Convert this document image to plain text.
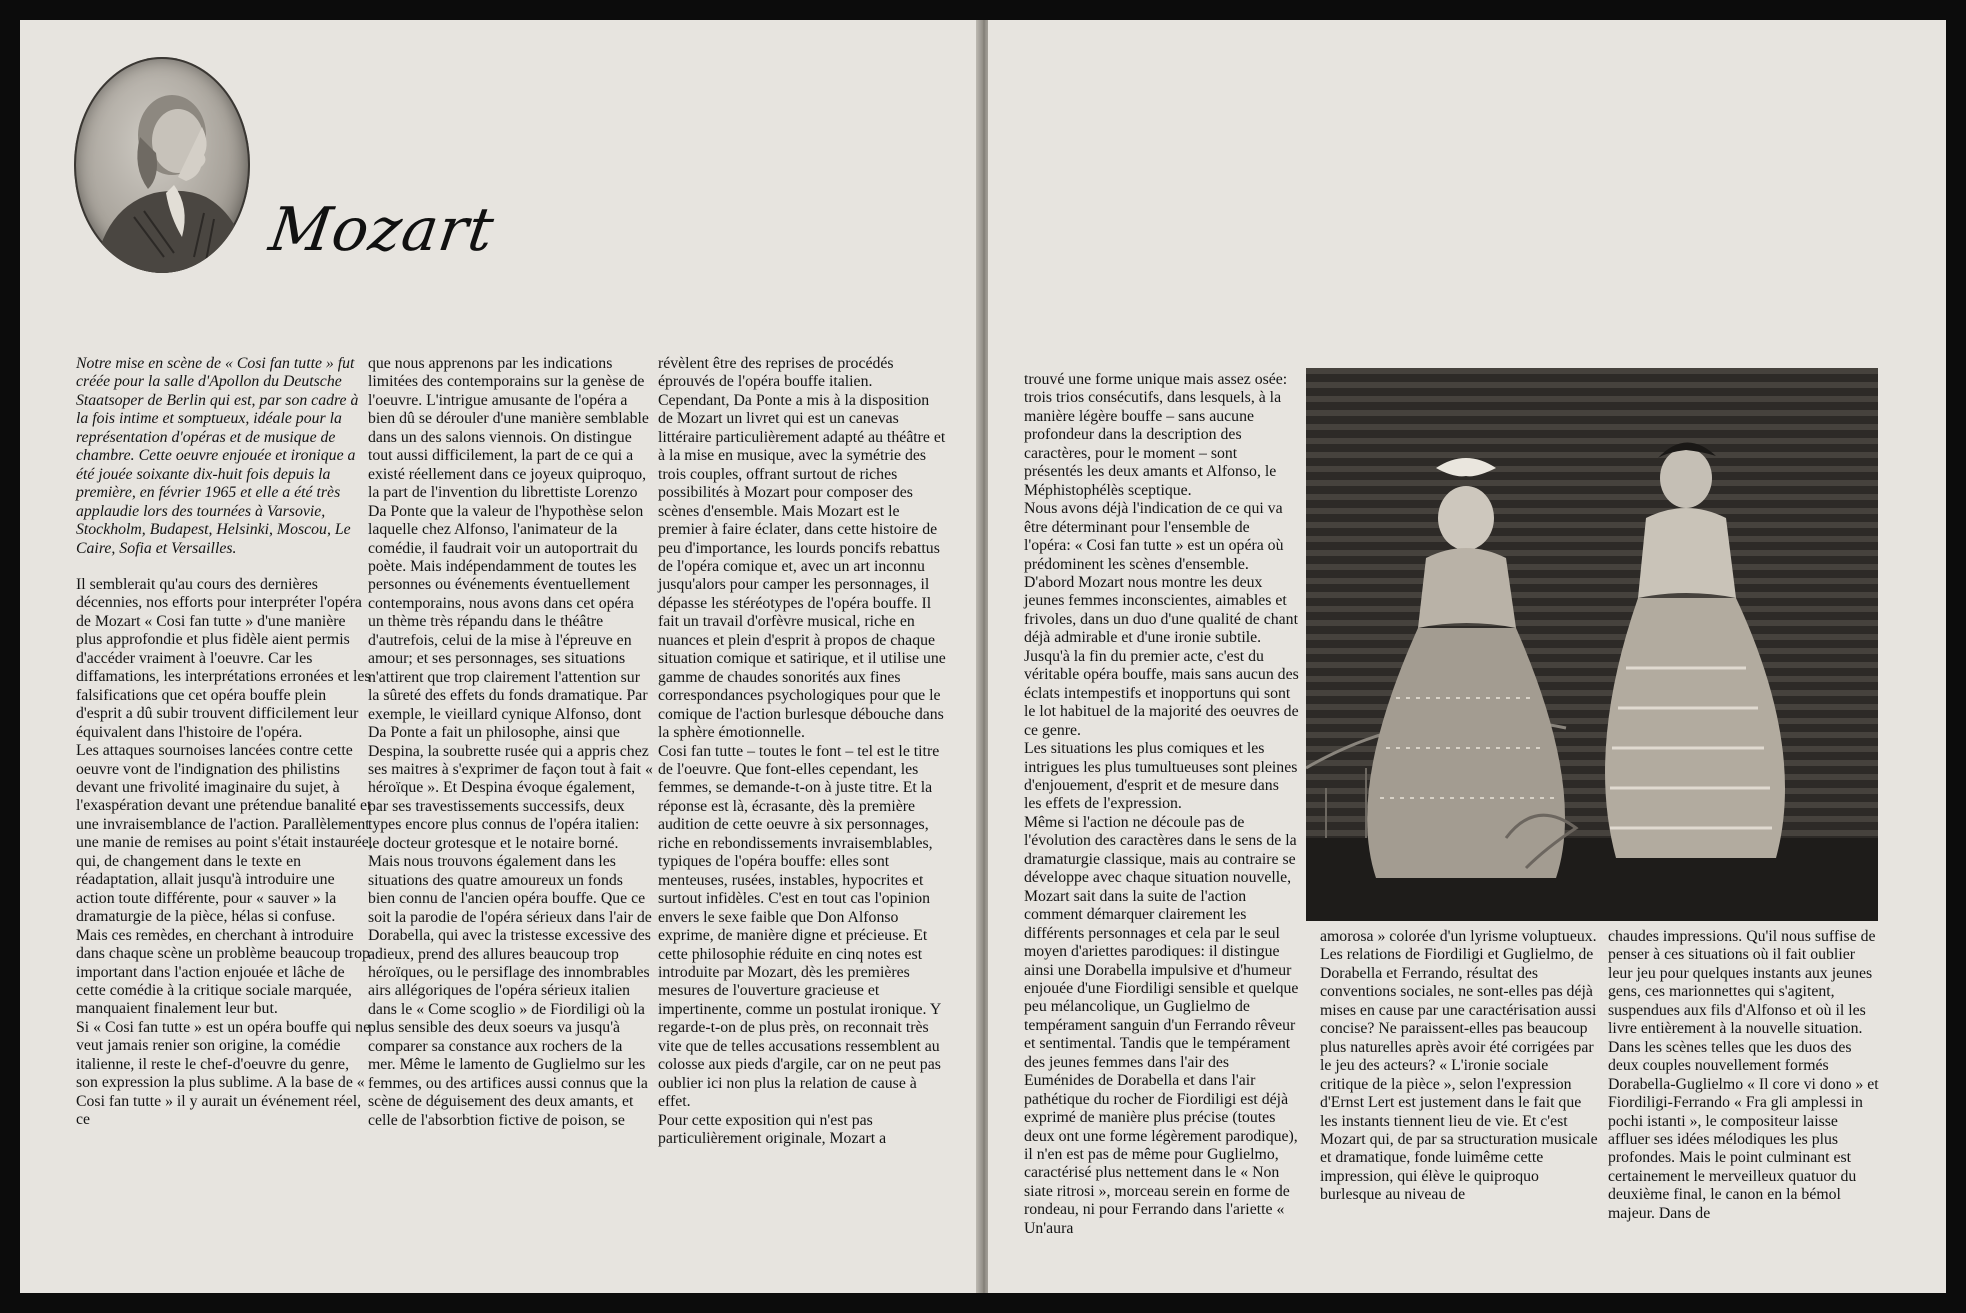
Mozart

Notre mise en scène de « Cosi fan tutte » fut créée pour la salle d'Apollon du Deutsche Staatsoper de Berlin qui est, par son cadre à la fois intime et somptueux, idéale pour la représentation d'opéras et de musique de chambre. Cette oeuvre enjouée et ironique a été jouée soixante dix-huit fois depuis la première, en février 1965 et elle a été très applaudie lors des tournées à Varsovie, Stockholm, Budapest, Helsinki, Moscou, Le Caire, Sofia et Versailles.

Il semblerait qu'au cours des dernières décennies, nos efforts pour interpréter l'opéra de Mozart « Cosi fan tutte » d'une manière plus approfondie et plus fidèle aient permis d'accéder vraiment à l'oeuvre. Car les diffamations, les interprétations erronées et les falsifications que cet opéra bouffe plein d'esprit a dû subir trouvent difficilement leur équivalent dans l'histoire de l'opéra.

Les attaques sournoises lancées contre cette oeuvre vont de l'indignation des philistins devant une frivolité imaginaire du sujet, à l'exaspération devant une prétendue banalité et une invraisemblance de l'action. Parallèlement une manie de remises au point s'était instaurée, qui, de changement dans le texte en réadaptation, allait jusqu'à introduire une action toute différente, pour « sauver » la dramaturgie de la pièce, hélas si confuse.

Mais ces remèdes, en cherchant à introduire dans chaque scène un problème beaucoup trop important dans l'action enjouée et lâche de cette comédie à la critique sociale marquée, manquaient finalement leur but.

Si « Cosi fan tutte » est un opéra bouffe qui ne veut jamais renier son origine, la comédie italienne, il reste le chef-d'oeuvre du genre, son expression la plus sublime. A la base de « Cosi fan tutte » il y aurait un événement réel, ce

que nous apprenons par les indications limitées des contemporains sur la genèse de l'oeuvre. L'intrigue amusante de l'opéra a bien dû se dérouler d'une manière semblable dans un des salons viennois. On distingue tout aussi difficilement, la part de ce qui a existé réellement dans ce joyeux quiproquo, la part de l'invention du librettiste Lorenzo Da Ponte que la valeur de l'hypothèse selon laquelle chez Alfonso, l'animateur de la comédie, il faudrait voir un autoportrait du poète. Mais indépendamment de toutes les personnes ou événements éventuellement contemporains, nous avons dans cet opéra un thème très répandu dans le théâtre d'autrefois, celui de la mise à l'épreuve en amour; et ses personnages, ses situations n'attirent que trop clairement l'attention sur la sûreté des effets du fonds dramatique. Par exemple, le vieillard cynique Alfonso, dont Da Ponte a fait un philosophe, ainsi que Despina, la soubrette rusée qui a appris chez ses maitres à s'exprimer de façon tout à fait « héroïque ». Et Despina évoque également, par ses travestissements successifs, deux types encore plus connus de l'opéra italien: le docteur grotesque et le notaire borné. Mais nous trouvons également dans les situations des quatre amoureux un fonds bien connu de l'ancien opéra bouffe. Que ce soit la parodie de l'opéra sérieux dans l'air de Dorabella, qui avec la tristesse excessive des adieux, prend des allures beaucoup trop héroïques, ou le persiflage des innombrables airs allégoriques de l'opéra sérieux italien dans le « Come scoglio » de Fiordiligi où la plus sensible des deux soeurs va jusqu'à comparer sa constance aux rochers de la mer. Même le lamento de Guglielmo sur les femmes, ou des artifices aussi connus que la scène de déguisement des deux amants, et celle de l'absorbtion fictive de poison, se

révèlent être des reprises de procédés éprouvés de l'opéra bouffe italien.

Cependant, Da Ponte a mis à la disposition de Mozart un livret qui est un canevas littéraire particulièrement adapté au théâtre et à la mise en musique, avec la symétrie des trois couples, offrant surtout de riches possibilités à Mozart pour composer des scènes d'ensemble. Mais Mozart est le premier à faire éclater, dans cette histoire de peu d'importance, les lourds poncifs rebattus de l'opéra comique et, avec un art inconnu jusqu'alors pour camper les personnages, il dépasse les stéréotypes de l'opéra bouffe. Il fait un travail d'orfèvre musical, riche en nuances et plein d'esprit à propos de chaque situation comique et satirique, et il utilise une gamme de chaudes sonorités aux fines correspondances psychologiques pour que le comique de l'action burlesque débouche dans la sphère émotionnelle.

Cosi fan tutte – toutes le font – tel est le titre de l'oeuvre. Que font-elles cependant, les femmes, se demande-t-on à juste titre. Et la réponse est là, écrasante, dès la première audition de cette oeuvre à six personnages, riche en rebondissements invraisemblables, typiques de l'opéra bouffe: elles sont menteuses, rusées, instables, hypocrites et surtout infidèles. C'est en tout cas l'opinion envers le sexe faible que Don Alfonso exprime, de manière digne et précieuse. Et cette philosophie réduite en cinq notes est introduite par Mozart, dès les premières mesures de l'ouverture gracieuse et impertinente, comme un postulat ironique. Y regarde-t-on de plus près, on reconnait très vite que de telles accusations ressemblent au colosse aux pieds d'argile, car on ne peut pas oublier ici non plus la relation de cause à effet.

Pour cette exposition qui n'est pas particulièrement originale, Mozart a

trouvé une forme unique mais assez osée: trois trios consécutifs, dans lesquels, à la manière légère bouffe – sans aucune profondeur dans la description des caractères, pour le moment – sont présentés les deux amants et Alfonso, le Méphistophélès sceptique.

Nous avons déjà l'indication de ce qui va être déterminant pour l'ensemble de l'opéra: « Cosi fan tutte » est un opéra où prédominent les scènes d'ensemble.

D'abord Mozart nous montre les deux jeunes femmes inconscientes, aimables et frivoles, dans un duo d'une qualité de chant déjà admirable et d'une ironie subtile. Jusqu'à la fin du premier acte, c'est du véritable opéra bouffe, mais sans aucun des éclats intempestifs et inopportuns qui sont le lot habituel de la majorité des oeuvres de ce genre.

Les situations les plus comiques et les intrigues les plus tumultueuses sont pleines d'enjouement, d'esprit et de mesure dans les effets de l'expression.

Même si l'action ne découle pas de l'évolution des caractères dans le sens de la dramaturgie classique, mais au contraire se développe avec chaque situation nouvelle, Mozart sait dans la suite de l'action comment démarquer clairement les différents personnages et cela par le seul moyen d'ariettes parodiques: il distingue ainsi une Dorabella impulsive et d'humeur enjouée d'une Fiordiligi sensible et quelque peu mélancolique, un Guglielmo de tempérament sanguin d'un Ferrando rêveur et sentimental. Tandis que le tempérament des jeunes femmes dans l'air des Euménides de Dorabella et dans l'air pathétique du rocher de Fiordiligi est déjà exprimé de manière plus précise (toutes deux ont une forme légèrement parodique), il n'en est pas de même pour Guglielmo, caractérisé plus nettement dans le « Non siate ritrosi », morceau serein en forme de rondeau, ni pour Ferrando dans l'ariette « Un'aura

amorosa » colorée d'un lyrisme voluptueux. Les relations de Fiordiligi et Guglielmo, de Dorabella et Ferrando, résultat des conventions sociales, ne sont-elles pas déjà mises en cause par une caractérisation aussi concise? Ne paraissent-elles pas beaucoup plus naturelles après avoir été corrigées par le jeu des acteurs? « L'ironie sociale critique de la pièce », selon l'expression d'Ernst Lert est justement dans le fait que les instants tiennent lieu de vie. Et c'est Mozart qui, de par sa structuration musicale et dramatique, fonde luimême cette impression, qui élève le quiproquo burlesque au niveau de

chaudes impressions. Qu'il nous suffise de penser à ces situations où il fait oublier leur jeu pour quelques instants aux jeunes gens, ces marionnettes qui s'agitent, suspendues aux fils d'Alfonso et où il les livre entièrement à la nouvelle situation. Dans les scènes telles que les duos des deux couples nouvellement formés Dorabella-Guglielmo « Il core vi dono » et Fiordiligi-Ferrando « Fra gli amplessi in pochi istanti », le compositeur laisse affluer ses idées mélodiques les plus profondes. Mais le point culminant est certainement le merveilleux quatuor du deuxième final, le canon en la bémol majeur. Dans de
